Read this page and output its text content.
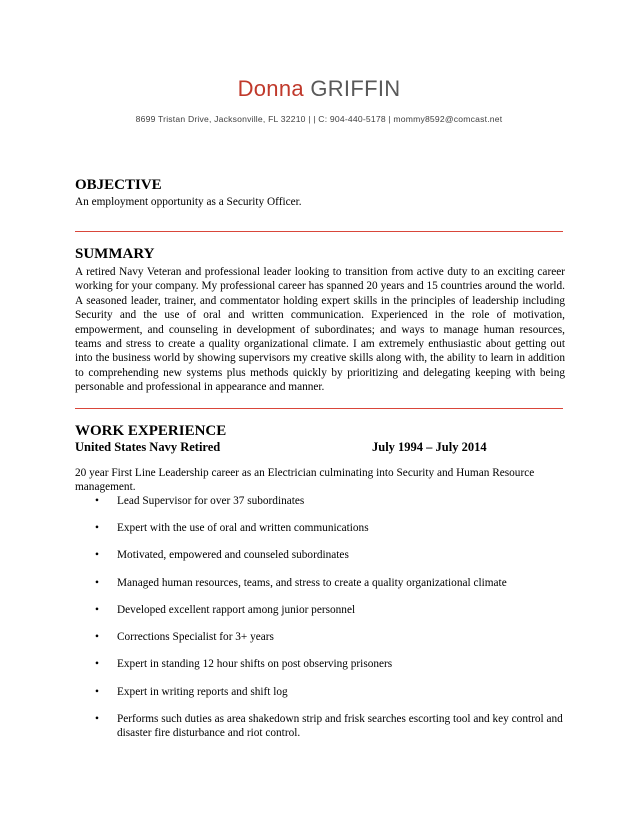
Donna GRIFFIN
8699 Tristan Drive, Jacksonville, FL 32210 | | C: 904-440-5178 | mommy8592@comcast.net
OBJECTIVE
An employment opportunity as a Security Officer.
SUMMARY
A retired Navy Veteran and professional leader looking to transition from active duty to an exciting career working for your company. My professional career has spanned 20 years and 15 countries around the world. A seasoned leader, trainer, and commentator holding expert skills in the principles of leadership including Security and the use of oral and written communication. Experienced in the role of motivation, empowerment, and counseling in development of subordinates; and ways to manage human resources, teams and stress to create a quality organizational climate. I am extremely enthusiastic about getting out into the business world by showing supervisors my creative skills along with, the ability to learn in addition to comprehending new systems plus methods quickly by prioritizing and delegating keeping with being personable and professional in appearance and manner.
WORK EXPERIENCE
United States Navy Retired	July 1994 – July 2014
20 year First Line Leadership career as an Electrician culminating into Security and Human Resource management.
• Lead Supervisor for over 37 subordinates
• Expert with the use of oral and written communications
• Motivated, empowered and counseled subordinates
• Managed human resources, teams, and stress to create a quality organizational climate
• Developed excellent rapport among junior personnel
• Corrections Specialist for 3+ years
• Expert in standing 12 hour shifts on post observing prisoners
• Expert in writing reports and shift log
• Performs such duties as area shakedown strip and frisk searches escorting tool and key control and disaster fire disturbance and riot control.
